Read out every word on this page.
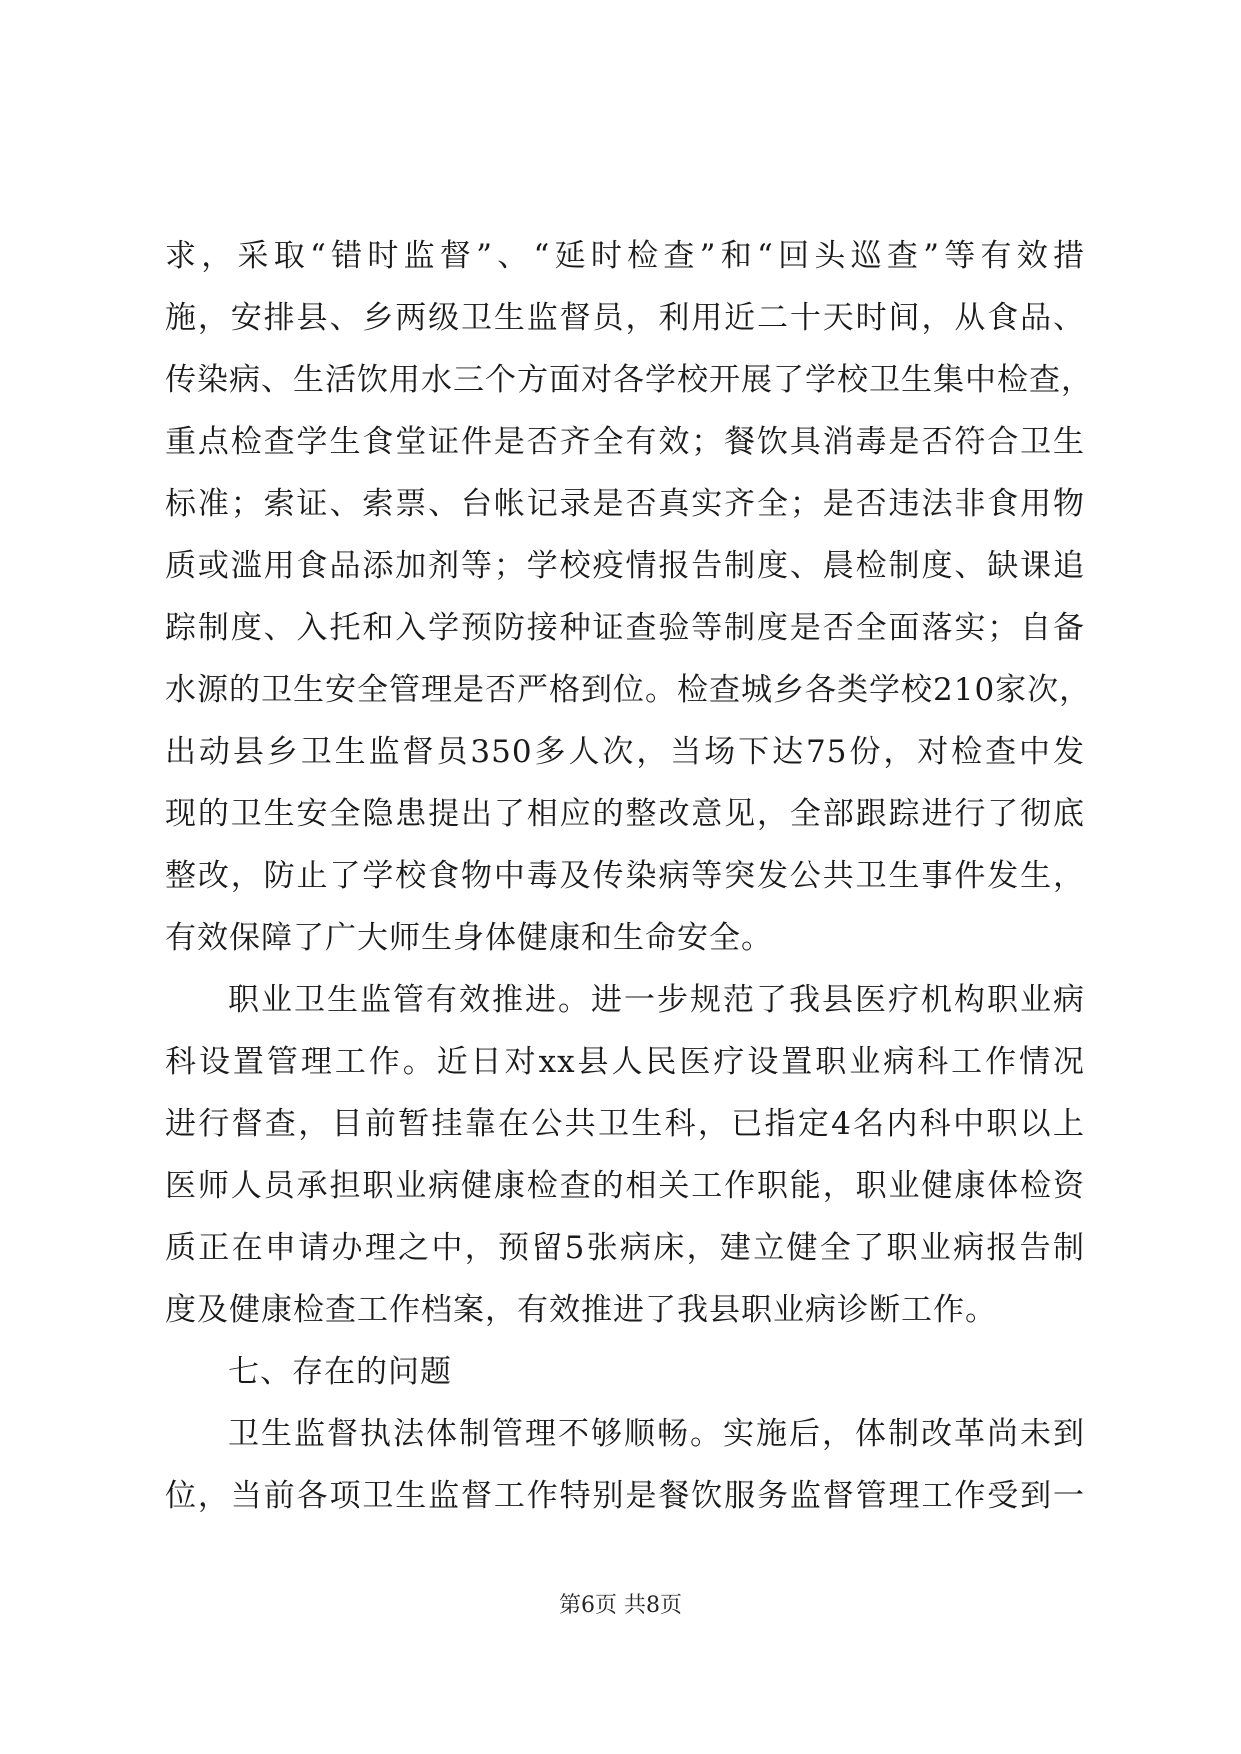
求，采取“错时监督”、“延时检查”和“回头巡查”等有效措
施，安排县、乡两级卫生监督员，利用近二十天时间，从食品、
传染病、生活饮用水三个方面对各学校开展了学校卫生集中检查，
重点检查学生食堂证件是否齐全有效；餐饮具消毒是否符合卫生
标准；索证、索票、台帐记录是否真实齐全；是否违法非食用物
质或滥用食品添加剂等；学校疫情报告制度、晨检制度、缺课追
踪制度、入托和入学预防接种证查验等制度是否全面落实；自备
水源的卫生安全管理是否严格到位。检查城乡各类学校210家次，
出动县乡卫生监督员350多人次，当场下达75份，对检查中发
现的卫生安全隐患提出了相应的整改意见，全部跟踪进行了彻底
整改，防止了学校食物中毒及传染病等突发公共卫生事件发生，
有效保障了广大师生身体健康和生命安全。
职业卫生监管有效推进。进一步规范了我县医疗机构职业病
科设置管理工作。近日对xx县人民医疗设置职业病科工作情况
进行督查，目前暂挂靠在公共卫生科，已指定4名内科中职以上
医师人员承担职业病健康检查的相关工作职能，职业健康体检资
质正在申请办理之中，预留5张病床，建立健全了职业病报告制
度及健康检查工作档案，有效推进了我县职业病诊断工作。
七、存在的问题
卫生监督执法体制管理不够顺畅。实施后，体制改革尚未到
位，当前各项卫生监督工作特别是餐饮服务监督管理工作受到一
第6页 共8页
